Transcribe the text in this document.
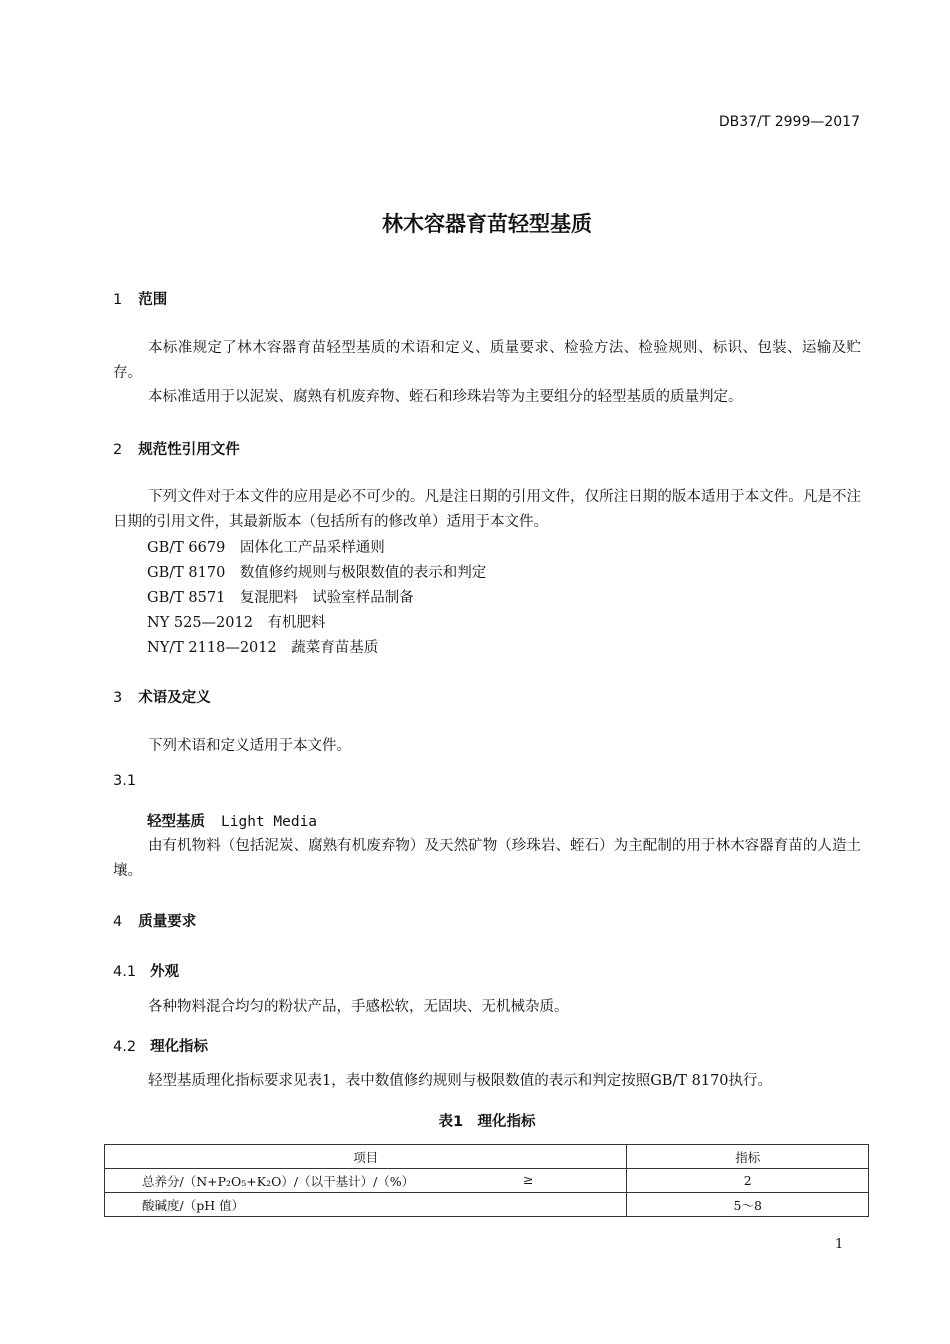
DB37/T 2999—2017
林木容器育苗轻型基质
1 范围
本标准规定了林木容器育苗轻型基质的术语和定义、质量要求、检验方法、检验规则、标识、包装、运输及贮存。
本标准适用于以泥炭、腐熟有机废弃物、蛭石和珍珠岩等为主要组分的轻型基质的质量判定。
2 规范性引用文件
下列文件对于本文件的应用是必不可少的。凡是注日期的引用文件，仅所注日期的版本适用于本文件。凡是不注日期的引用文件，其最新版本（包括所有的修改单）适用于本文件。
GB/T 6679　 固体化工产品采样通则
GB/T 8170　 数值修约规则与极限数值的表示和判定
GB/T 8571　 复混肥料　试验室样品制备
NY 525—2012　 有机肥料
NY/T 2118—2012　 蔬菜育苗基质
3 术语及定义
下列术语和定义适用于本文件。
3.1
轻型基质 Light Media
由有机物料（包括泥炭、腐熟有机废弃物）及天然矿物（珍珠岩、蛭石）为主配制的用于林木容器育苗的人造土壤。
4 质量要求
4.1 外观
各种物料混合均匀的粉状产品，手感松软，无固块、无机械杂质。
4.2 理化指标
轻型基质理化指标要求见表1，表中数值修约规则与极限数值的表示和判定按照GB/T 8170执行。
表1　理化指标
项目	指标
总养分/（N+P₂O₅+K₂O）/（以干基计）/（%） ≥	2
酸碱度/（pH 值）	5～8
1
